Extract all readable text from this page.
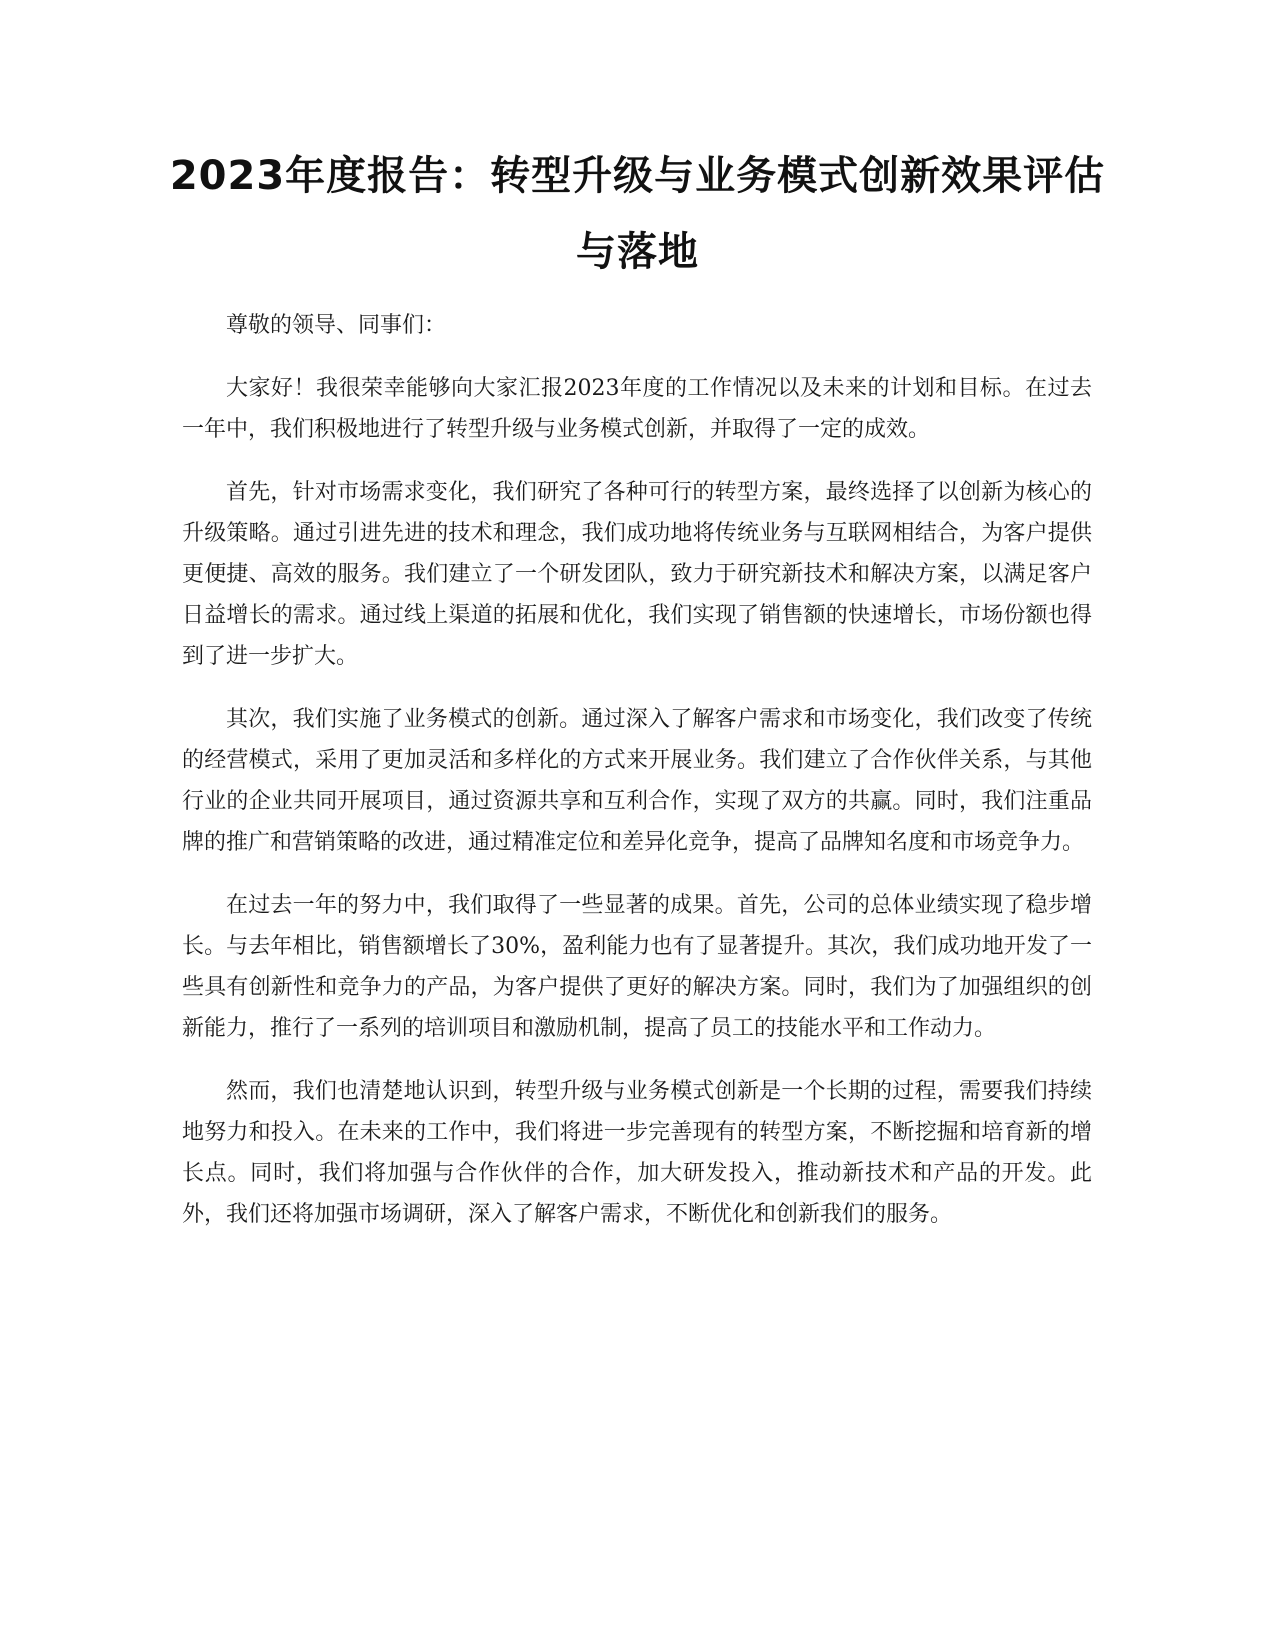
2023年度报告：转型升级与业务模式创新效果评估与落地

尊敬的领导、同事们：

大家好！我很荣幸能够向大家汇报2023年度的工作情况以及未来的计划和目标。在过去一年中，我们积极地进行了转型升级与业务模式创新，并取得了一定的成效。

首先，针对市场需求变化，我们研究了各种可行的转型方案，最终选择了以创新为核心的升级策略。通过引进先进的技术和理念，我们成功地将传统业务与互联网相结合，为客户提供更便捷、高效的服务。我们建立了一个研发团队，致力于研究新技术和解决方案，以满足客户日益增长的需求。通过线上渠道的拓展和优化，我们实现了销售额的快速增长，市场份额也得到了进一步扩大。

其次，我们实施了业务模式的创新。通过深入了解客户需求和市场变化，我们改变了传统的经营模式，采用了更加灵活和多样化的方式来开展业务。我们建立了合作伙伴关系，与其他行业的企业共同开展项目，通过资源共享和互利合作，实现了双方的共赢。同时，我们注重品牌的推广和营销策略的改进，通过精准定位和差异化竞争，提高了品牌知名度和市场竞争力。

在过去一年的努力中，我们取得了一些显著的成果。首先，公司的总体业绩实现了稳步增长。与去年相比，销售额增长了30%，盈利能力也有了显著提升。其次，我们成功地开发了一些具有创新性和竞争力的产品，为客户提供了更好的解决方案。同时，我们为了加强组织的创新能力，推行了一系列的培训项目和激励机制，提高了员工的技能水平和工作动力。

然而，我们也清楚地认识到，转型升级与业务模式创新是一个长期的过程，需要我们持续地努力和投入。在未来的工作中，我们将进一步完善现有的转型方案，不断挖掘和培育新的增长点。同时，我们将加强与合作伙伴的合作，加大研发投入，推动新技术和产品的开发。此外，我们还将加强市场调研，深入了解客户需求，不断优化和创新我们的服务。
